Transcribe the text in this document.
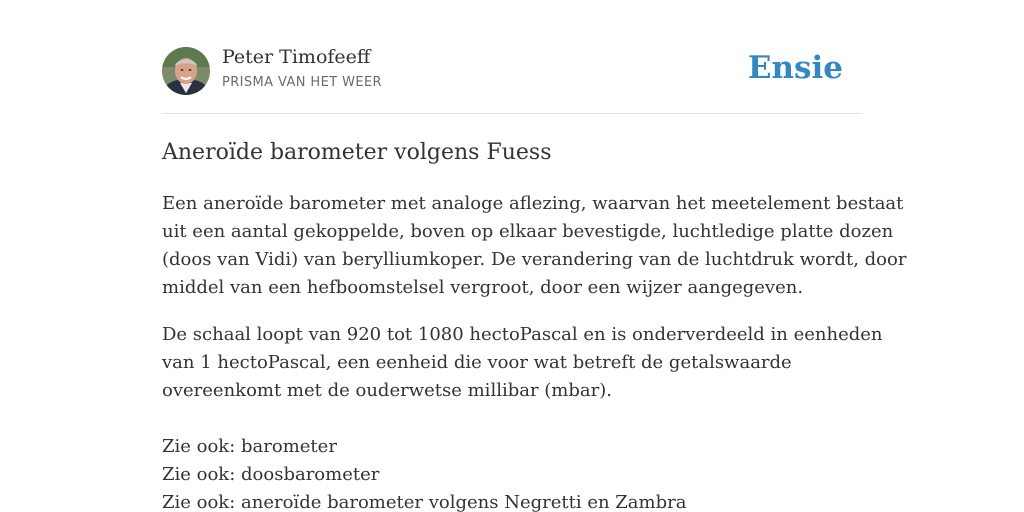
Peter Timofeeff
PRISMA VAN HET WEER	Ensie
Aneroïde barometer volgens Fuess
Een aneroïde barometer met analoge aflezing, waarvan het meetelement bestaat
uit een aantal gekoppelde, boven op elkaar bevestigde, luchtledige platte dozen
(doos van Vidi) van berylliumkoper. De verandering van de luchtdruk wordt, door
middel van een hefboomstelsel vergroot, door een wijzer aangegeven.
De schaal loopt van 920 tot 1080 hectoPascal en is onderverdeeld in eenheden
van 1 hectoPascal, een eenheid die voor wat betreft de getalswaarde
overeenkomt met de ouderwetse millibar (mbar).
Zie ook: barometer
Zie ook: doosbarometer
Zie ook: aneroïde barometer volgens Negretti en Zambra
